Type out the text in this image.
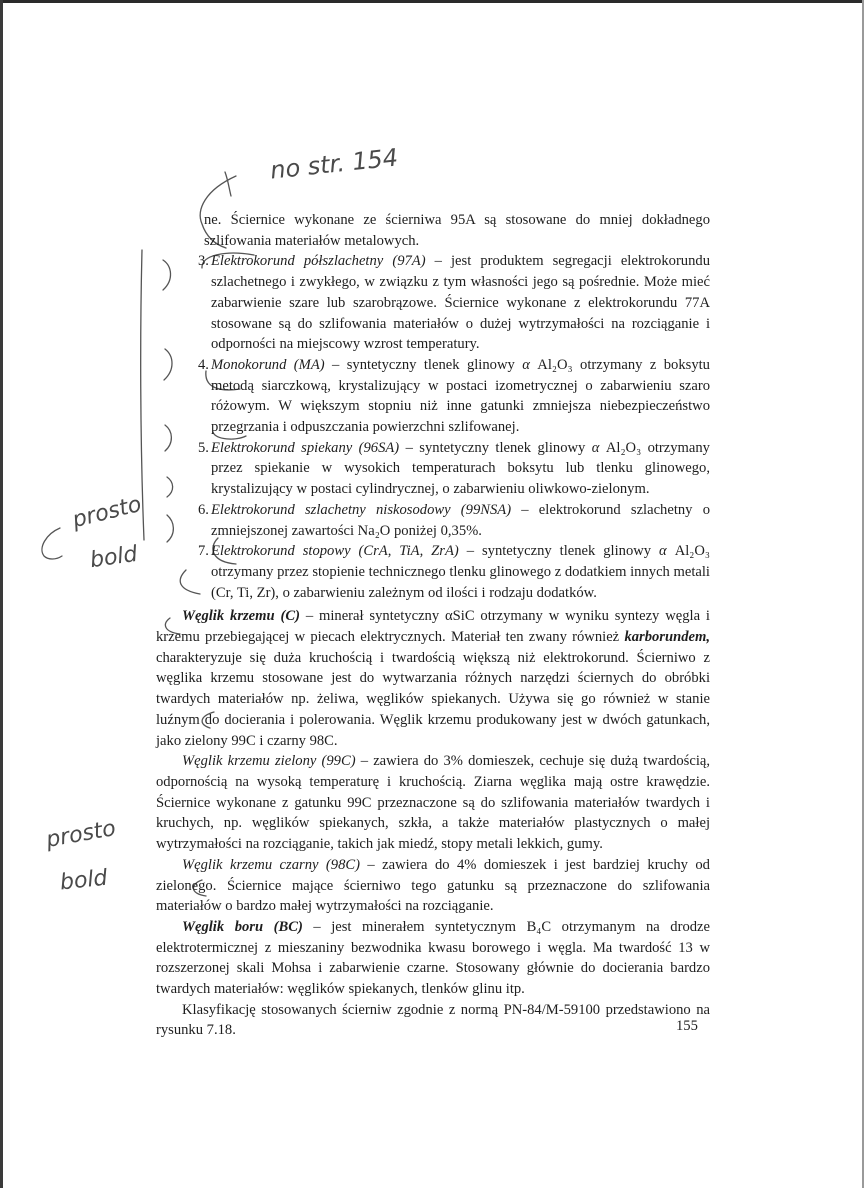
no str. 154
prosto
bold
prosto
bold

ne. Ściernice wykonane ze ścierniwa 95A są stosowane do mniej dokładnego szlifowania materiałów metalowych.

3. Elektrokorund półszlachetny (97A) – jest produktem segregacji elektrokorundu szlachetnego i zwykłego, w związku z tym własności jego są pośrednie. Może mieć zabarwienie szare lub szarobrązowe. Ściernice wykonane z elektrokorundu 77A stosowane są do szlifowania materiałów o dużej wytrzymałości na rozciąganie i odporności na miejscowy wzrost temperatury.

4. Monokorund (MA) – syntetyczny tlenek glinowy α Al₂O₃ otrzymany z boksytu metodą siarczkową, krystalizujący w postaci izometrycznej o zabarwieniu szaro różowym. W większym stopniu niż inne gatunki zmniejsza niebezpieczeństwo przegrzania i odpuszczania powierzchni szlifowanej.

5. Elektrokorund spiekany (96SA) – syntetyczny tlenek glinowy α Al₂O₃ otrzymany przez spiekanie w wysokich temperaturach boksytu lub tlenku glinowego, krystalizujący w postaci cylindrycznej, o zabarwieniu oliwkowo-zielonym.

6. Elektrokorund szlachetny niskosodowy (99NSA) – elektrokorund szlachetny o zmniejszonej zawartości Na₂O poniżej 0,35%.

7. Elektrokorund stopowy (CrA, TiA, ZrA) – syntetyczny tlenek glinowy α Al₂O₃ otrzymany przez stopienie technicznego tlenku glinowego z dodatkiem innych metali (Cr, Ti, Zr), o zabarwieniu zależnym od ilości i rodzaju dodatków.

Węglik krzemu (C) – minerał syntetyczny αSiC otrzymany w wyniku syntezy węgla i krzemu przebiegającej w piecach elektrycznych. Materiał ten zwany również karborundem, charakteryzuje się duża kruchością i twardością większą niż elektrokorund. Ścierniwo z węglika krzemu stosowane jest do wytwarzania różnych narzędzi ściernych do obróbki twardych materiałów np. żeliwa, węglików spiekanych. Używa się go również w stanie luźnym do docierania i polerowania. Węglik krzemu produkowany jest w dwóch gatunkach, jako zielony 99C i czarny 98C.

Węglik krzemu zielony (99C) – zawiera do 3% domieszek, cechuje się dużą twardością, odpornością na wysoką temperaturę i kruchością. Ziarna węglika mają ostre krawędzie. Ściernice wykonane z gatunku 99C przeznaczone są do szlifowania materiałów twardych i kruchych, np. węglików spiekanych, szkła, a także materiałów plastycznych o małej wytrzymałości na rozciąganie, takich jak miedź, stopy metali lekkich, gumy.

Węglik krzemu czarny (98C) – zawiera do 4% domieszek i jest bardziej kruchy od zielonego. Ściernice mające ścierniwo tego gatunku są przeznaczone do szlifowania materiałów o bardzo małej wytrzymałości na rozciąganie.

Węglik boru (BC) – jest minerałem syntetycznym B₄C otrzymanym na drodze elektrotermicznej z mieszaniny bezwodnika kwasu borowego i węgla. Ma twardość 13 w rozszerzonej skali Mohsa i zabarwienie czarne. Stosowany głównie do docierania bardzo twardych materiałów: węglików spiekanych, tlenków glinu itp.

Klasyfikację stosowanych ścierniw zgodnie z normą PN-84/M-59100 przedstawiono na rysunku 7.18.	155
